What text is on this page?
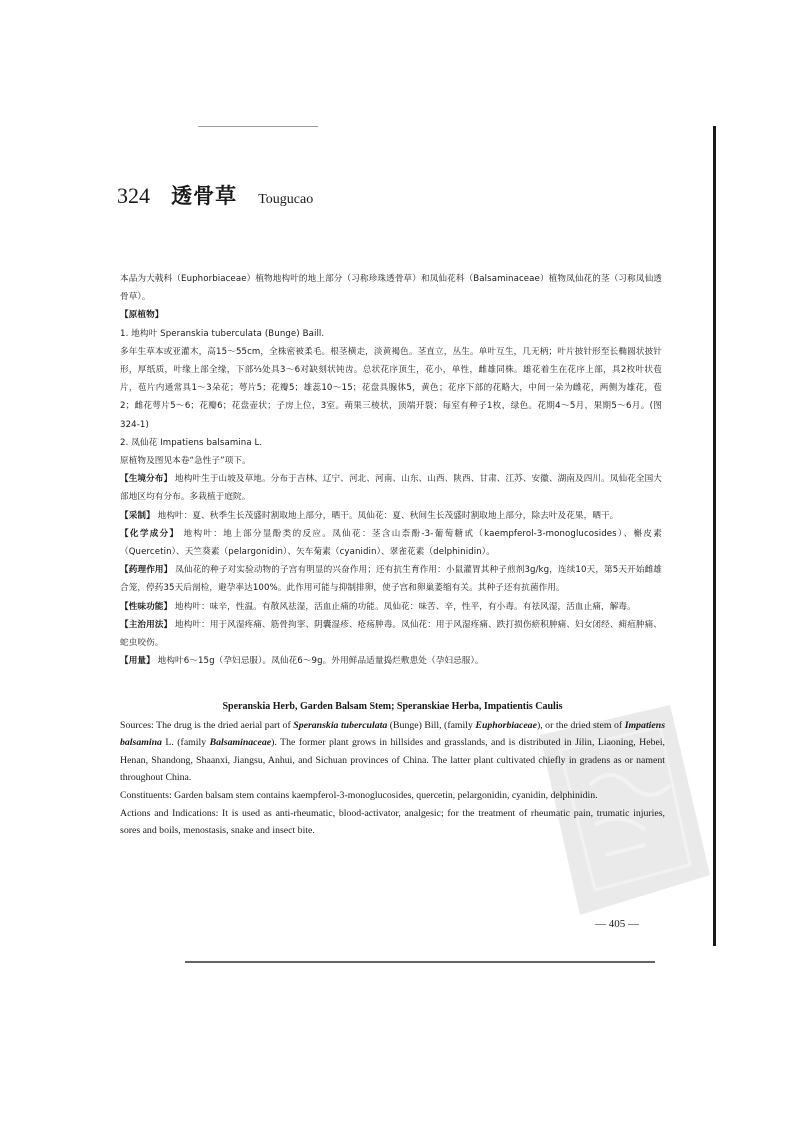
324 透骨草 Tougucao

本品为大戟科（Euphorbiaceae）植物地构叶的地上部分（习称珍珠透骨草）和凤仙花科（Balsaminaceae）植物凤仙花的茎（习称凤仙透骨草）。

【原植物】

1. 地构叶 Speranskia tuberculata (Bunge) Baill.

多年生草本或亚灌木，高15～55cm，全株密被柔毛。根茎横走，淡黄褐色。茎直立，丛生。单叶互生，几无柄；叶片披针形至长椭圆状披针形，厚纸质，叶缘上部全缘，下部⅔处具3～6对缺刻状钝齿。总状花序顶生，花小，单性，雌雄同株。雄花着生在花序上部，具2枚叶状苞片，苞片内通常具1～3朵花；萼片5；花瓣5；雄蕊10～15；花盘具腺体5，黄色；花序下部的花略大，中间一朵为雌花，两侧为雄花，苞2；雌花萼片5～6；花瓣6；花盘壶状；子房上位，3室。蒴果三棱状，顶端开裂；每室有种子1枚，绿色。花期4～5月，果期5～6月。(图324-1)

2. 凤仙花 Impatiens balsamina L.

原植物及图见本卷“急性子”项下。

【生境分布】 地构叶生于山坡及草地。分布于吉林、辽宁、河北、河南、山东、山西、陕西、甘肃、江苏、安徽、湖南及四川。凤仙花全国大部地区均有分布。多栽植于庭院。

【采制】 地构叶：夏、秋季生长茂盛时割取地上部分，晒干。凤仙花：夏、秋间生长茂盛时割取地上部分，除去叶及花果，晒干。

【化学成分】 地构叶：地上部分显酚类的反应。凤仙花：茎含山柰酚-3-葡萄糖甙（kaempferol-3-monoglucosides）、槲皮素（Quercetin）、天竺葵素（pelargonidin）、矢车菊素（cyanidin）、翠雀花素（delphinidin）。

【药理作用】 凤仙花的种子对实验动物的子宫有明显的兴奋作用；还有抗生育作用：小鼠灌胃其种子煎剂3g/kg，连续10天，第5天开始雌雄合笼，停药35天后剖检，避孕率达100%。此作用可能与抑制排卵，使子宫和卵巢萎缩有关。其种子还有抗菌作用。

【性味功能】 地构叶：味辛，性温。有散风祛湿，活血止痛的功能。凤仙花：味苦、辛，性平，有小毒。有祛风湿，活血止痛，解毒。

【主治用法】 地构叶：用于风湿疼痛、筋骨拘挛、阴囊湿疹、疮疡肿毒。凤仙花：用于风湿疼痛、跌打损伤瘀积肿痛、妇女闭经、痈疽肿痛、蛇虫咬伤。

【用量】 地构叶6～15g（孕妇忌服）。凤仙花6～9g。外用鲜品适量捣烂敷患处（孕妇忌服）。

Speranskia Herb, Garden Balsam Stem; Speranskiae Herba, Impatientis Caulis

Sources: The drug is the dried aerial part of Speranskia tuberculata (Bunge) Bill, (family Euphorbiaceae), or the dried stem of Impatiens balsamina L. (family Balsaminaceae). The former plant grows in hillsides and grasslands, and is distributed in Jilin, Liaoning, Hebei, Henan, Shandong, Shaanxi, Jiangsu, Anhui, and Sichuan provinces of China. The latter plant cultivated chiefly in gradens as or nament throughout China.

Constituents: Garden balsam stem contains kaempferol-3-monoglucosides, quercetin, pelargonidin, cyanidin, delphinidin.

Actions and Indications: It is used as anti-rheumatic, blood-activator, analgesic; for the treatment of rheumatic pain, trumatic injuries, sores and boils, menostasis, snake and insect bite.

— 405 —
